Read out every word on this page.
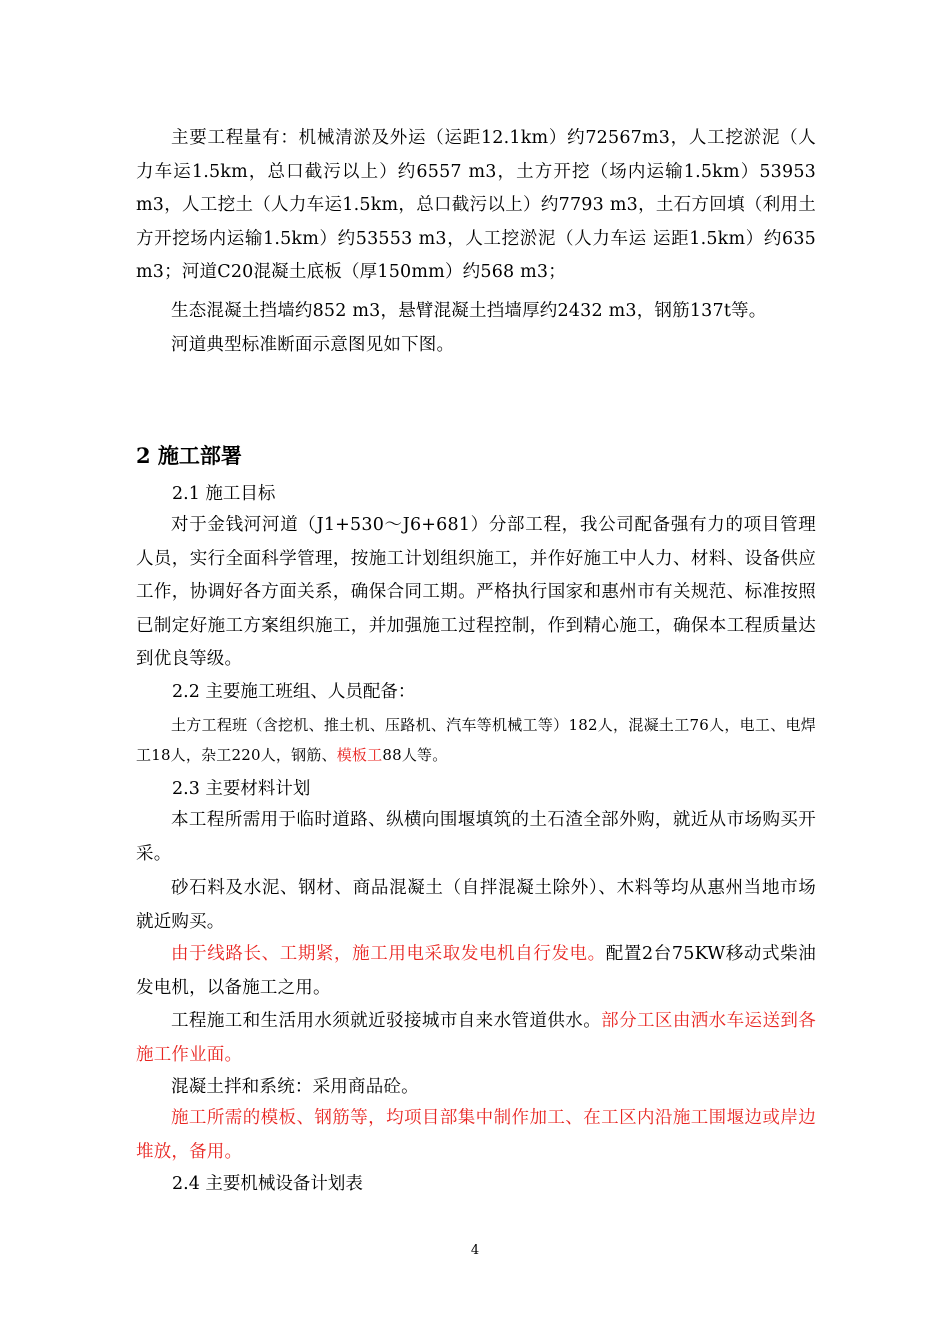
主要工程量有：机械清淤及外运（运距12.1km）约72567m3，人工挖淤泥（人力车运1.5km，总口截污以上）约6557 m3，土方开挖（场内运输1.5km）53953 m3，人工挖土（人力车运1.5km，总口截污以上）约7793 m3，土石方回填（利用土方开挖场内运输1.5km）约53553 m3，人工挖淤泥（人力车运 运距1.5km）约635 m3；河道C20混凝土底板（厚150mm）约568 m3；

生态混凝土挡墙约852 m3，悬臂混凝土挡墙厚约2432 m3，钢筋137t等。

河道典型标准断面示意图见如下图。

2 施工部署

2.1 施工目标

对于金钱河河道（J1+530～J6+681）分部工程，我公司配备强有力的项目管理人员，实行全面科学管理，按施工计划组织施工，并作好施工中人力、材料、设备供应工作，协调好各方面关系，确保合同工期。严格执行国家和惠州市有关规范、标准按照已制定好施工方案组织施工，并加强施工过程控制，作到精心施工，确保本工程质量达到优良等级。

2.2 主要施工班组、人员配备：

土方工程班（含挖机、推土机、压路机、汽车等机械工等）182人，混凝土工76人，电工、电焊工18人，杂工220人，钢筋、模板工88人等。

2.3 主要材料计划

本工程所需用于临时道路、纵横向围堰填筑的土石渣全部外购，就近从市场购买开采。

砂石料及水泥、钢材、商品混凝土（自拌混凝土除外）、木料等均从惠州当地市场就近购买。

由于线路长、工期紧，施工用电采取发电机自行发电。配置2台75KW移动式柴油发电机，以备施工之用。

工程施工和生活用水须就近驳接城市自来水管道供水。部分工区由洒水车运送到各施工作业面。

混凝土拌和系统：采用商品砼。

施工所需的模板、钢筋等，均项目部集中制作加工、在工区内沿施工围堰边或岸边堆放，备用。

2.4 主要机械设备计划表

4
